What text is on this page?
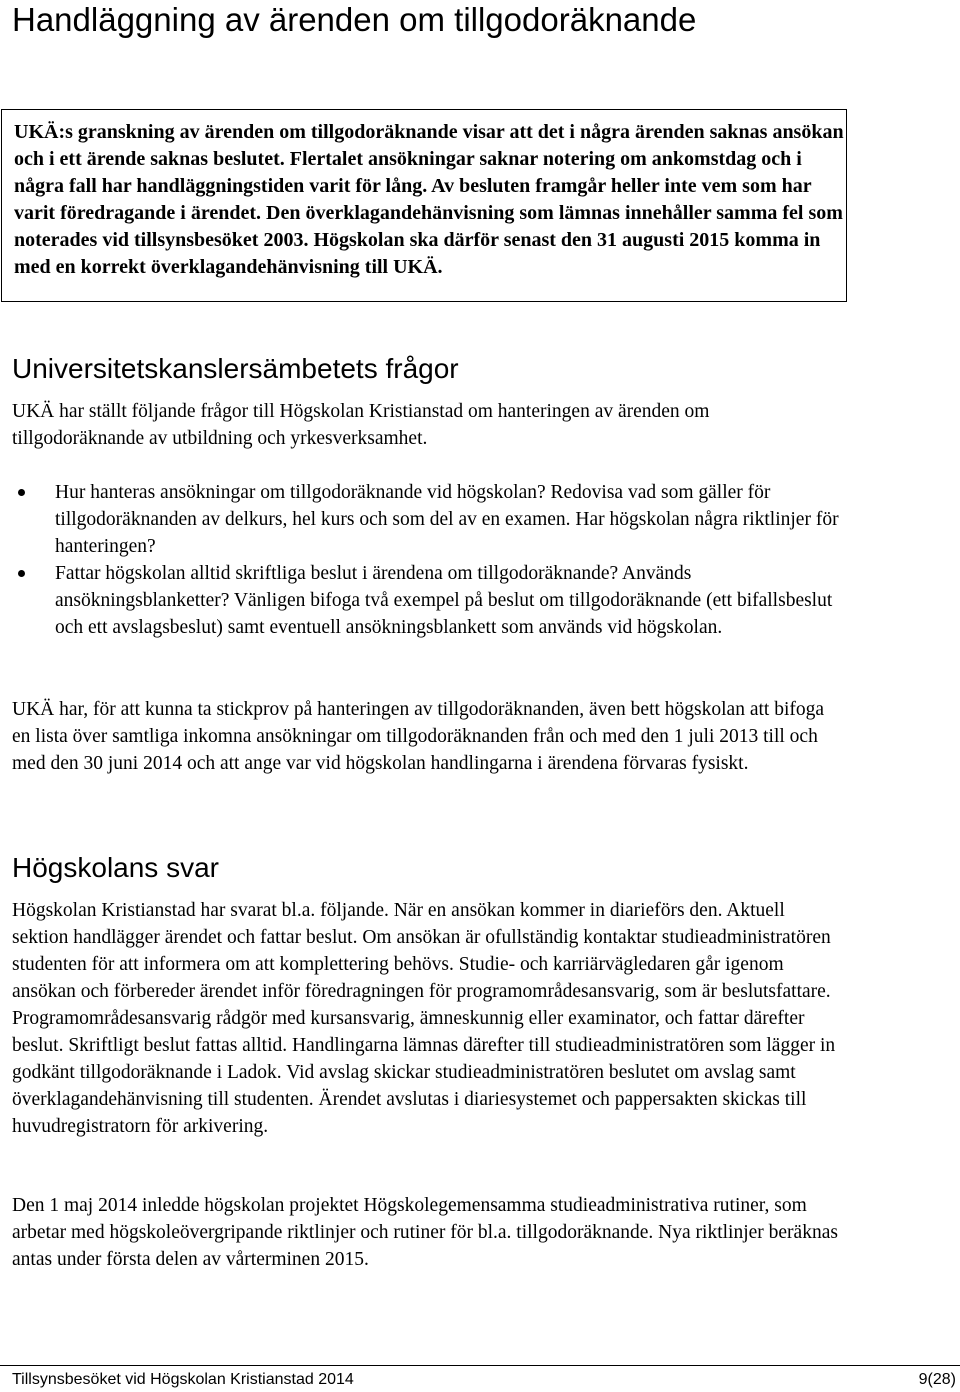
Handläggning av ärenden om tillgodoräknande

UKÄ:s granskning av ärenden om tillgodoräknande visar att det i några ärenden saknas ansökan och i ett ärende saknas beslutet. Flertalet ansökningar saknar notering om ankomstdag och i några fall har handläggningstiden varit för lång. Av besluten framgår heller inte vem som har varit föredragande i ärendet. Den överklagandehänvisning som lämnas innehåller samma fel som noterades vid tillsynsbesöket 2003. Högskolan ska därför senast den 31 augusti 2015 komma in med en korrekt överklagandehänvisning till UKÄ.

Universitetskanslersämbetets frågor

UKÄ har ställt följande frågor till Högskolan Kristianstad om hanteringen av ärenden om tillgodoräknande av utbildning och yrkesverksamhet.

Hur hanteras ansökningar om tillgodoräknande vid högskolan? Redovisa vad som gäller för tillgodoräknanden av delkurs, hel kurs och som del av en examen. Har högskolan några riktlinjer för hanteringen?
Fattar högskolan alltid skriftliga beslut i ärendena om tillgodoräknande? Används ansökningsblanketter? Vänligen bifoga två exempel på beslut om tillgodoräknande (ett bifallsbeslut och ett avslagsbeslut) samt eventuell ansökningsblankett som används vid högskolan.

UKÄ har, för att kunna ta stickprov på hanteringen av tillgodoräknanden, även bett högskolan att bifoga en lista över samtliga inkomna ansökningar om tillgodoräknanden från och med den 1 juli 2013 till och med den 30 juni 2014 och att ange var vid högskolan handlingarna i ärendena förvaras fysiskt.

Högskolans svar

Högskolan Kristianstad har svarat bl.a. följande. När en ansökan kommer in diarieförs den. Aktuell sektion handlägger ärendet och fattar beslut. Om ansökan är ofullständig kontaktar studieadministratören studenten för att informera om att komplettering behövs. Studie- och karriärvägledaren går igenom ansökan och förbereder ärendet inför föredragningen för programområdesansvarig, som är beslutsfattare. Programområdesansvarig rådgör med kursansvarig, ämneskunnig eller examinator, och fattar därefter beslut. Skriftligt beslut fattas alltid. Handlingarna lämnas därefter till studieadministratören som lägger in godkänt tillgodoräknande i Ladok. Vid avslag skickar studieadministratören beslutet om avslag samt överklagandehänvisning till studenten. Ärendet avslutas i diariesystemet och pappersakten skickas till huvudregistratorn för arkivering.

Den 1 maj 2014 inledde högskolan projektet Högskolegemensamma studieadministrativa rutiner, som arbetar med högskoleövergripande riktlinjer och rutiner för bl.a. tillgodoräknande. Nya riktlinjer beräknas antas under första delen av vårterminen 2015.

Tillsynsbesöket vid Högskolan Kristianstad 2014	9(28)
